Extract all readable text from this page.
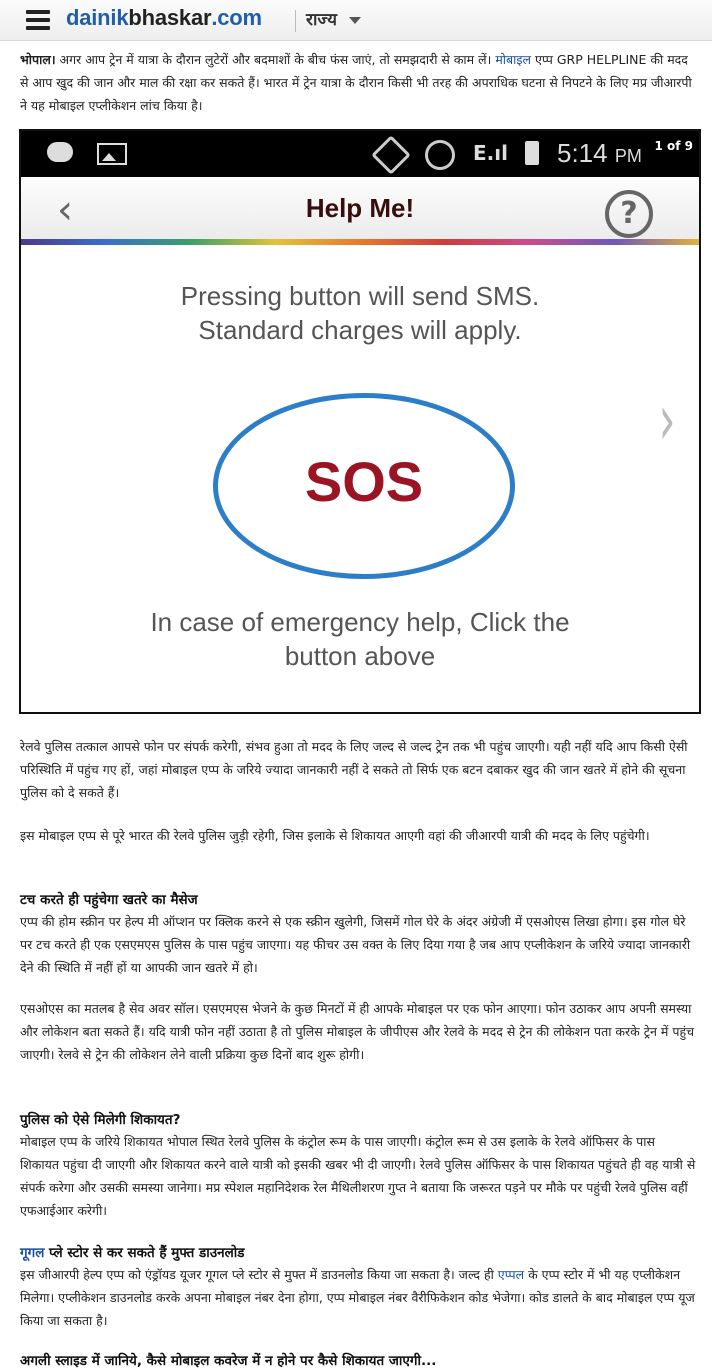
dainikbhaskar.com	राज्य

भोपाल। अगर आप ट्रेन में यात्रा के दौरान लुटेरों और बदमाशों के बीच फंस जाएं, तो समझदारी से काम लें। मोबाइल एप्प GRP HELPLINE की मदद से आप खुद की जान और माल की रक्षा कर सकते हैं। भारत में ट्रेन यात्रा के दौरान किसी भी तरह की अपराधिक घटना से निपटने के लिए मप्र जीआरपी ने यह मोबाइल एप्लीकेशन लांच किया है।

E.ıl 5:14 PM	1 of 9
‹	Help Me!	?
Pressing button will send SMS.
Standard charges will apply.
SOS
In case of emergency help, Click the
button above
›

रेलवे पुलिस तत्काल आपसे फोन पर संपर्क करेगी, संभव हुआ तो मदद के लिए जल्द से जल्द ट्रेन तक भी पहुंच जाएगी। यही नहीं यदि आप किसी ऐसी परिस्थिति में पहुंच गए हों, जहां मोबाइल एप्प के जरिये ज्यादा जानकारी नहीं दे सकते तो सिर्फ एक बटन दबाकर खुद की जान खतरे में होने की सूचना पुलिस को दे सकते हैं।

इस मोबाइल एप्प से पूरे भारत की रेलवे पुलिस जुड़ी रहेगी, जिस इलाके से शिकायत आएगी वहां की जीआरपी यात्री की मदद के लिए पहुंचेगी।

टच करते ही पहुंचेगा खतरे का मैसेज

एप्प की होम स्क्रीन पर हेल्प मी ऑप्शन पर क्लिक करने से एक स्क्रीन खुलेगी, जिसमें गोल घेरे के अंदर अंग्रेजी में एसओएस लिखा होगा। इस गोल घेरे पर टच करते ही एक एसएमएस पुलिस के पास पहुंच जाएगा। यह फीचर उस वक्त के लिए दिया गया है जब आप एप्लीकेशन के जरिये ज्यादा जानकारी देने की स्थिति में नहीं हों या आपकी जान खतरे में हो।

एसओएस का मतलब है सेव अवर सॉल। एसएमएस भेजने के कुछ मिनटों में ही आपके मोबाइल पर एक फोन आएगा। फोन उठाकर आप अपनी समस्या और लोकेशन बता सकते हैं। यदि यात्री फोन नहीं उठाता है तो पुलिस मोबाइल के जीपीएस और रेलवे के मदद से ट्रेन की लोकेशन पता करके ट्रेन में पहुंच जाएगी। रेलवे से ट्रेन की लोकेशन लेने वाली प्रक्रिया कुछ दिनों बाद शुरू होगी।

पुलिस को ऐसे मिलेगी शिकायत?

मोबाइल एप्प के जरिये शिकायत भोपाल स्थित रेलवे पुलिस के कंट्रोल रूम के पास जाएगी। कंट्रोल रूम से उस इलाके के रेलवे ऑफिसर के पास शिकायत पहुंचा दी जाएगी और शिकायत करने वाले यात्री को इसकी खबर भी दी जाएगी। रेलवे पुलिस ऑफिसर के पास शिकायत पहुंचते ही वह यात्री से संपर्क करेगा और उसकी समस्या जानेगा। मप्र स्पेशल महानिदेशक रेल मैथिलीशरण गुप्त ने बताया कि जरूरत पड़ने पर मौके पर पहुंची रेलवे पुलिस वहीं एफआईआर करेगी।

गूगल प्ले स्टोर से कर सकते हैं मुफ्त डाउनलोड

इस जीआरपी हेल्प एप्प को एंड्रॉयड यूजर गूगल प्ले स्टोर से मुफ्त में डाउनलोड किया जा सकता है। जल्द ही एप्पल के एप्प स्टोर में भी यह एप्लीकेशन मिलेगा। एप्लीकेशन डाउनलोड करके अपना मोबाइल नंबर देना होगा, एप्प मोबाइल नंबर वैरीफिकेशन कोड भेजेगा। कोड डालते के बाद मोबाइल एप्प यूज किया जा सकता है।

अगली स्लाइड में जानिये, कैसे मोबाइल कवरेज में न होने पर कैसे शिकायत जाएगी...
